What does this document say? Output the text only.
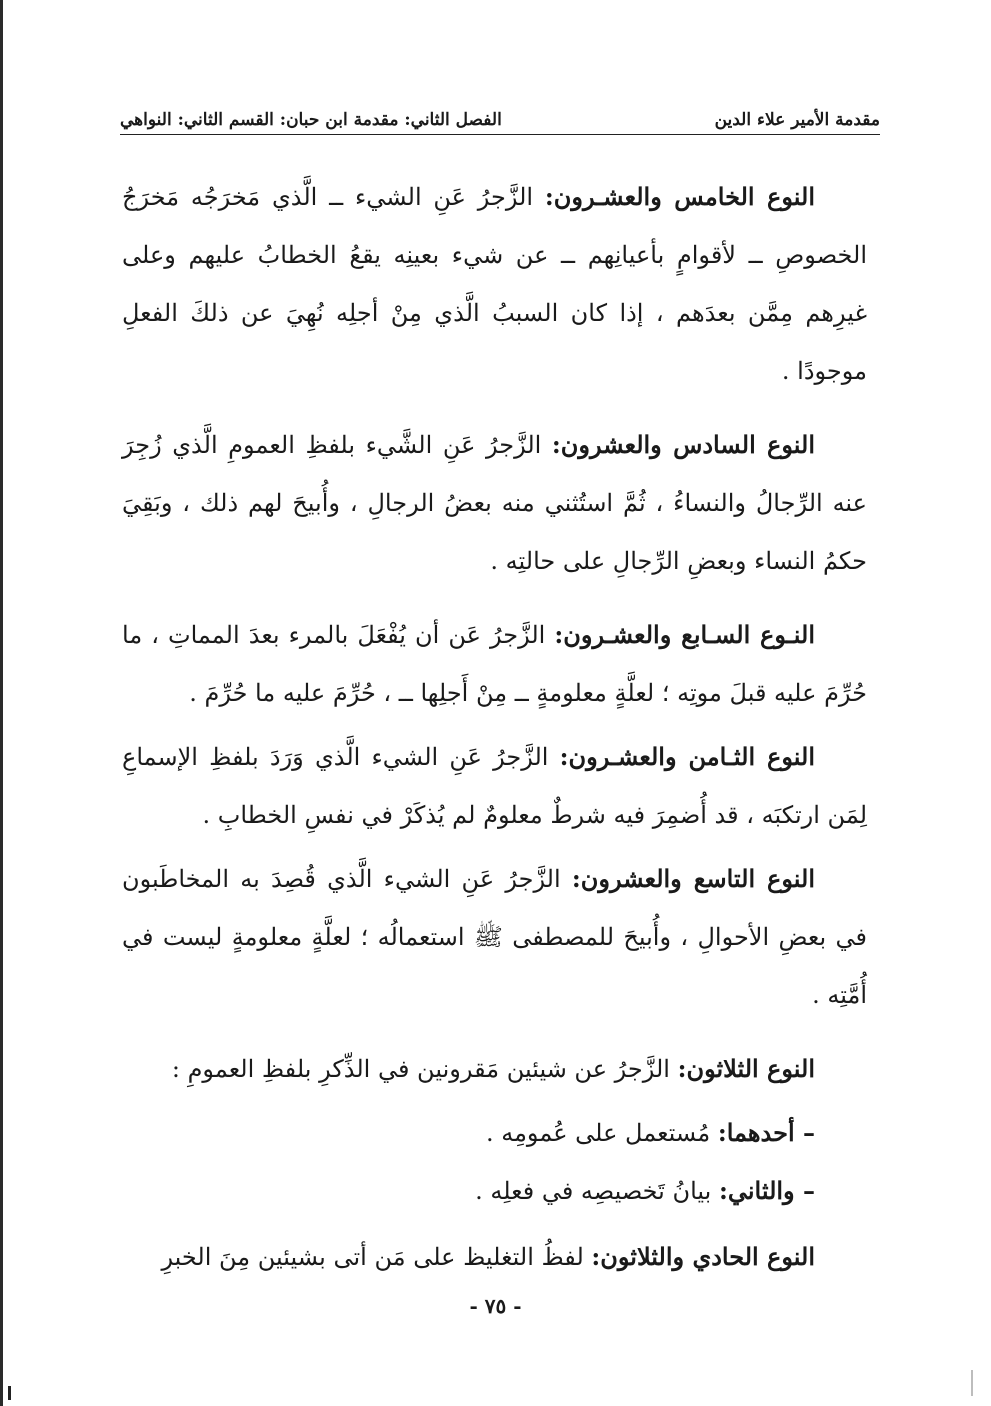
مقدمة الأمير علاء الدين
الفصل الثاني: مقدمة ابن حبان: القسم الثاني: النواهي

النوع الخامس والعشـرون: الزَّجرُ عَنِ الشيء ــ الَّذي مَخرَجُه مَخرَجُ الخصوصِ ــ لأقوامٍ بأعيانِهم ــ عن شيء بعينِه يقعُ الخطابُ عليهم وعلى غيرِهم مِمَّن بعدَهم ، إذا كان السببُ الَّذي مِنْ أجلِه نُهِيَ عن ذلكَ الفعلِ موجودًا .

النوع السادس والعشرون: الزَّجرُ عَنِ الشَّيء بلفظِ العمومِ الَّذي زُجِرَ عنه الرِّجالُ والنساءُ ، ثُمَّ استُثني منه بعضُ الرجالِ ، وأُبيحَ لهم ذلك ، وبَقِيَ حكمُ النساء وبعضِ الرِّجالِ على حالتِه .

النـوع السـابع والعشـرون: الزَّجرُ عَن أن يُفْعَلَ بالمرء بعدَ المماتِ ، ما حُرِّمَ عليه قبلَ موتِه ؛ لعلَّةٍ معلومةٍ ــ مِنْ أَجلِها ــ ، حُرِّمَ عليه ما حُرِّمَ .

النوع الثـامن والعشـرون: الزَّجرُ عَنِ الشيء الَّذي وَرَدَ بلفظِ الإسماعِ لِمَن ارتكبَه ، قد أُضمِرَ فيه شرطٌ معلومٌ لم يُذكَرْ في نفسِ الخطابِ .

النوع التاسع والعشرون: الزَّجرُ عَنِ الشيء الَّذي قُصِدَ به المخاطَبون في بعضِ الأحوالِ ، وأُبيحَ للمصطفى ﷺ استعمالُه ؛ لعلَّةٍ معلومةٍ ليست في أُمَّتِه .

النوع الثلاثون: الزَّجرُ عن شيئين مَقرونين في الذِّكرِ بلفظِ العمومِ :

– أحدهما: مُستعمل على عُمومِه .

– والثاني: بيانُ تَخصيصِه في فعلِه .

النوع الحادي والثلاثون: لفظُ التغليظ على مَن أتى بشيئين مِنَ الخبرِ

- ٧٥ -
